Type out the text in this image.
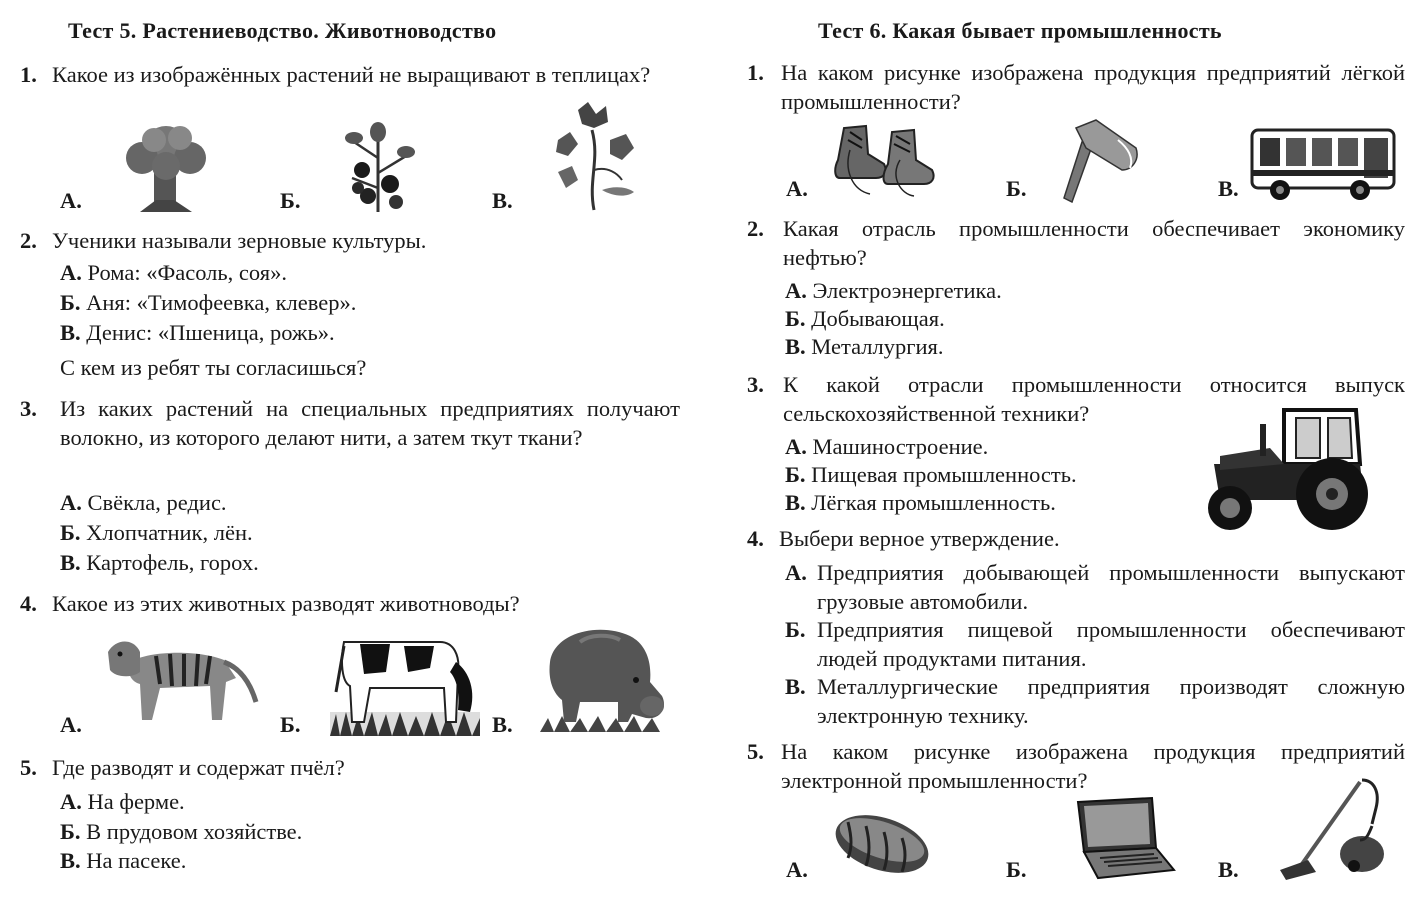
Тест 5. Растениеводство. Животноводство
1. Какое из изображённых растений не выращивают в теплицах?
А.	Б.	В.
2. Ученики называли зерновые культуры.
А. Рома: «Фасоль, соя».
Б. Аня: «Тимофеевка, клевер».
В. Денис: «Пшеница, рожь».
С кем из ребят ты согласишься?
3.	Из каких растений на специальных предприятиях получают волокно, из которого делают нити, а затем ткут ткани?
А. Свёкла, редис.
Б. Хлопчатник, лён.
В. Картофель, горох.
4. Какое из этих животных разводят животноводы?
А.	Б.	В.
5. Где разводят и содержат пчёл?
А. На ферме.
Б. В прудовом хозяйстве.
В. На пасеке.
Тест 6. Какая бывает промышленность
1. На каком рисунке изображена продукция предприятий лёгкой промышленности?
А.	Б.	В.
2. Какая отрасль промышленности обеспечивает экономику нефтью?
А. Электроэнергетика.
Б. Добывающая.
В. Металлургия.
3. К какой отрасли промышленности относится выпуск сельскохозяйственной техники?
А. Машиностроение.
Б. Пищевая промышленность.
В. Лёгкая промышленность.
4. Выбери верное утверждение.
А. Предприятия добывающей промышленности выпускают грузовые автомобили.
Б. Предприятия пищевой промышленности обеспечивают людей продуктами питания.
В. Металлургические предприятия производят сложную электронную технику.
5. На каком рисунке изображена продукция предприятий электронной промышленности?
А.	Б.	В.
